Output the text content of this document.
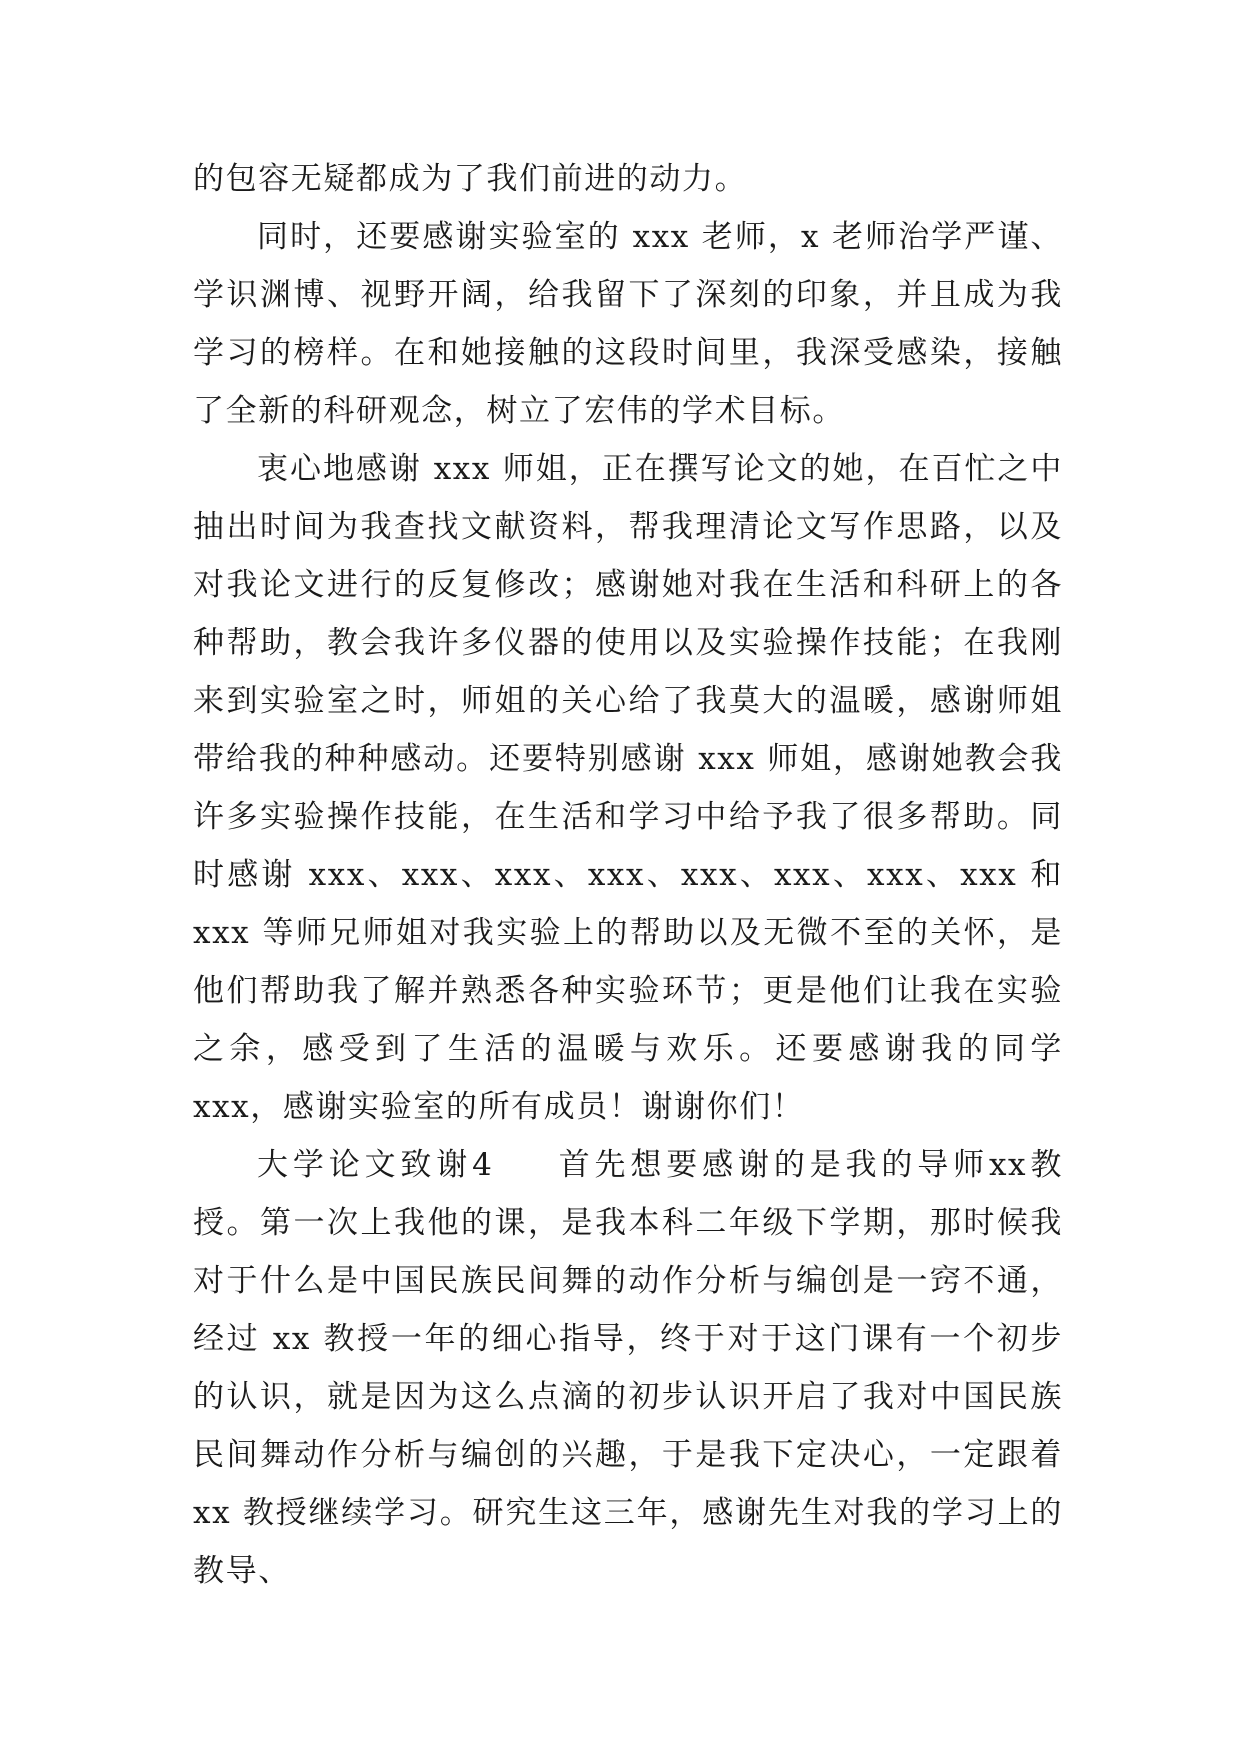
的包容无疑都成为了我们前进的动力。

同时，还要感谢实验室的 xxx 老师，x 老师治学严谨、学识渊博、视野开阔，给我留下了深刻的印象，并且成为我学习的榜样。在和她接触的这段时间里，我深受感染，接触了全新的科研观念，树立了宏伟的学术目标。

衷心地感谢 xxx 师姐，正在撰写论文的她，在百忙之中抽出时间为我查找文献资料，帮我理清论文写作思路，以及对我论文进行的反复修改；感谢她对我在生活和科研上的各种帮助，教会我许多仪器的使用以及实验操作技能；在我刚来到实验室之时，师姐的关心给了我莫大的温暖，感谢师姐带给我的种种感动。还要特别感谢 xxx 师姐，感谢她教会我许多实验操作技能，在生活和学习中给予我了很多帮助。同时感谢 xxx、xxx、xxx、xxx、xxx、xxx、xxx、xxx 和 xxx 等师兄师姐对我实验上的帮助以及无微不至的关怀，是他们帮助我了解并熟悉各种实验环节；更是他们让我在实验之余，感受到了生活的温暖与欢乐。还要感谢我的同学 xxx，感谢实验室的所有成员！谢谢你们！

大学论文致谢4 首先想要感谢的是我的导师xx教授。第一次上我他的课，是我本科二年级下学期，那时候我对于什么是中国民族民间舞的动作分析与编创是一窍不通，经过 xx 教授一年的细心指导，终于对于这门课有一个初步的认识，就是因为这么点滴的初步认识开启了我对中国民族民间舞动作分析与编创的兴趣，于是我下定决心，一定跟着 xx 教授继续学习。研究生这三年，感谢先生对我的学习上的教导、
